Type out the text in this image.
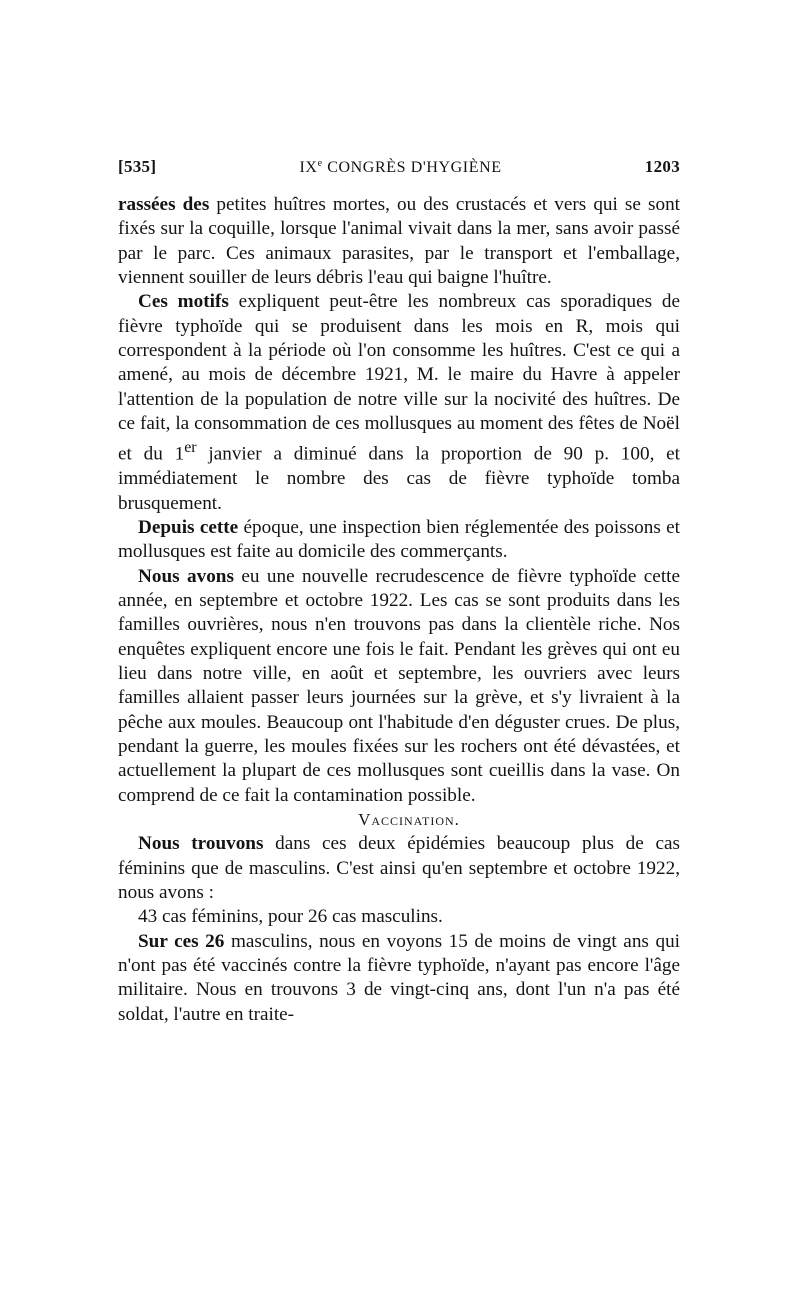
[535]	IXe CONGRÈS D'HYGIÈNE	1203

rassées des petites huîtres mortes, ou des crustacés et vers qui se sont fixés sur la coquille, lorsque l'animal vivait dans la mer, sans avoir passé par le parc. Ces animaux parasites, par le transport et l'emballage, viennent souiller de leurs débris l'eau qui baigne l'huître.

Ces motifs expliquent peut-être les nombreux cas sporadiques de fièvre typhoïde qui se produisent dans les mois en R, mois qui correspondent à la période où l'on consomme les huîtres. C'est ce qui a amené, au mois de décembre 1921, M. le maire du Havre à appeler l'attention de la population de notre ville sur la nocivité des huîtres. De ce fait, la consommation de ces mollusques au moment des fêtes de Noël et du 1er janvier a diminué dans la proportion de 90 p. 100, et immédiatement le nombre des cas de fièvre typhoïde tomba brusquement.

Depuis cette époque, une inspection bien réglementée des poissons et mollusques est faite au domicile des commerçants.

Nous avons eu une nouvelle recrudescence de fièvre typhoïde cette année, en septembre et octobre 1922. Les cas se sont produits dans les familles ouvrières, nous n'en trouvons pas dans la clientèle riche. Nos enquêtes expliquent encore une fois le fait. Pendant les grèves qui ont eu lieu dans notre ville, en août et septembre, les ouvriers avec leurs familles allaient passer leurs journées sur la grève, et s'y livraient à la pêche aux moules. Beaucoup ont l'habitude d'en déguster crues. De plus, pendant la guerre, les moules fixées sur les rochers ont été dévastées, et actuellement la plupart de ces mollusques sont cueillis dans la vase. On comprend de ce fait la contamination possible.

Vaccination.

Nous trouvons dans ces deux épidémies beaucoup plus de cas féminins que de masculins. C'est ainsi qu'en septembre et octobre 1922, nous avons :

43 cas féminins, pour 26 cas masculins.

Sur ces 26 masculins, nous en voyons 15 de moins de vingt ans qui n'ont pas été vaccinés contre la fièvre typhoïde, n'ayant pas encore l'âge militaire. Nous en trouvons 3 de vingt-cinq ans, dont l'un n'a pas été soldat, l'autre en traite-
